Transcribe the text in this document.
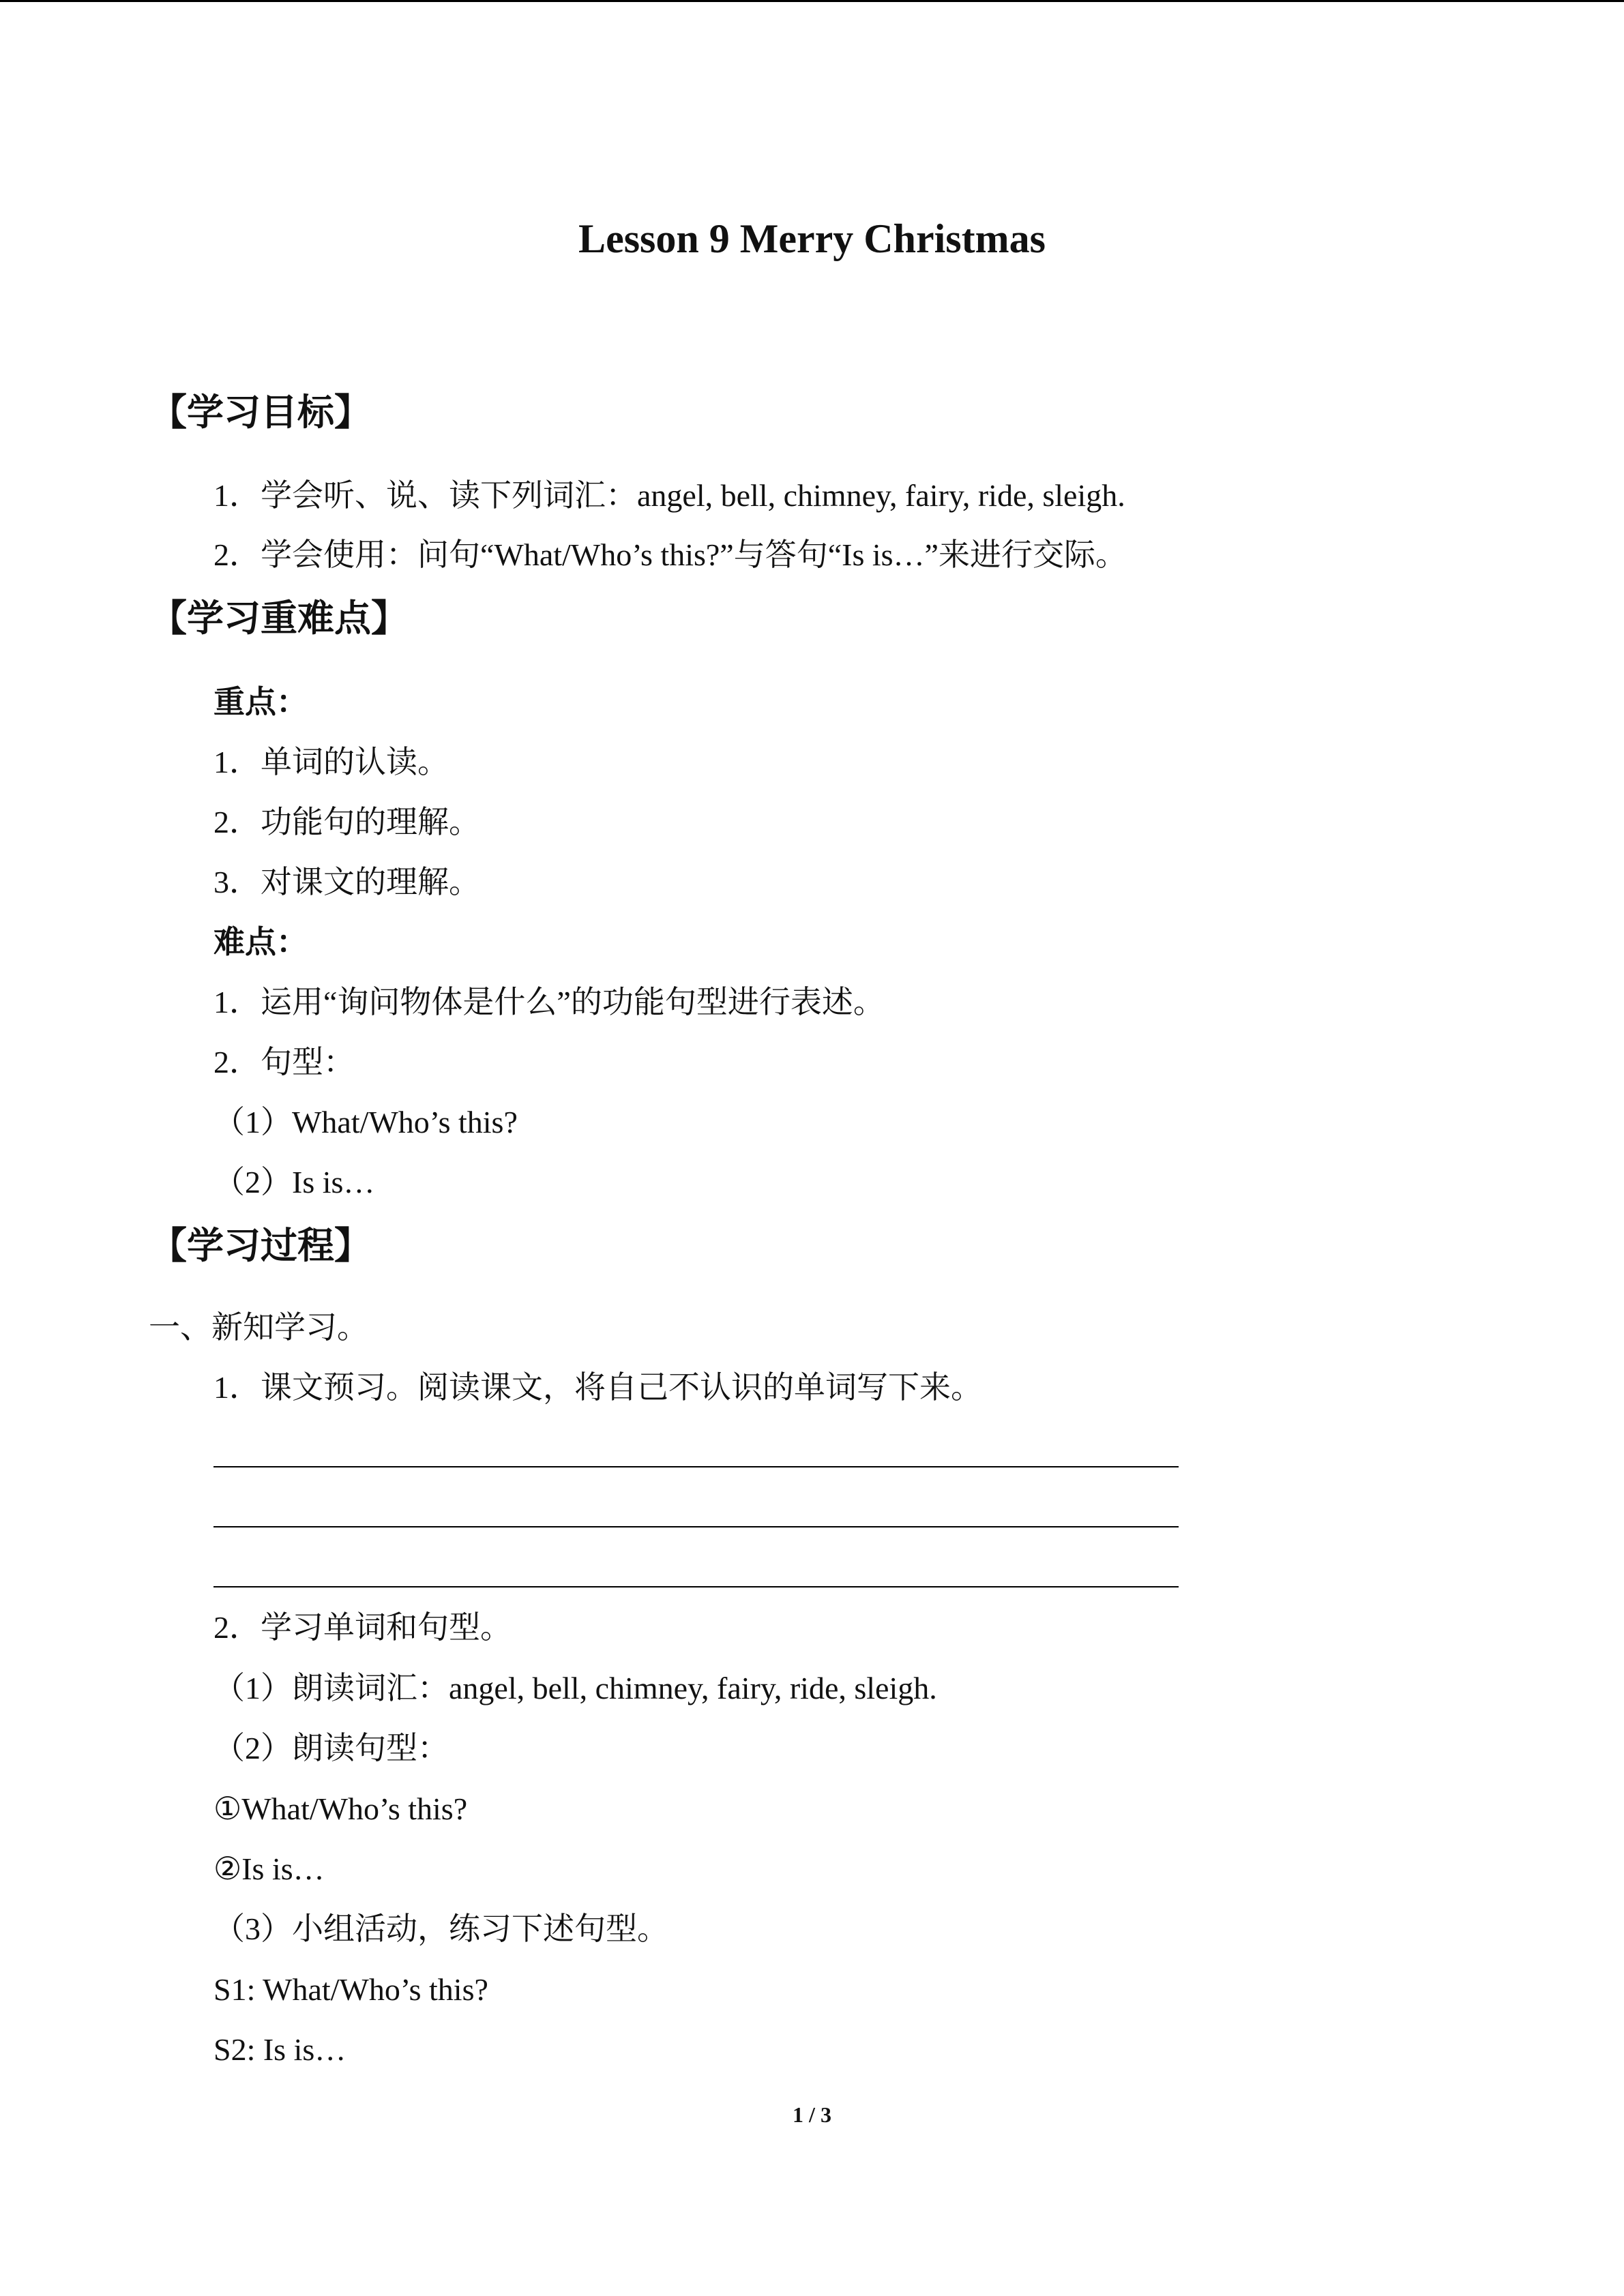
Lesson 9 Merry Christmas
【学习目标】
1．学会听、说、读下列词汇：angel, bell, chimney, fairy, ride, sleigh.
2．学会使用：问句“What/Who’s this?”与答句“Is is…”来进行交际。
【学习重难点】
重点：
1．单词的认读。
2．功能句的理解。
3．对课文的理解。
难点：
1．运用“询问物体是什么”的功能句型进行表述。
2．句型：
（1）What/Who’s this?
（2）Is is…
【学习过程】
一、新知学习。
1．课文预习。阅读课文，将自己不认识的单词写下来。
2．学习单词和句型。
（1）朗读词汇：angel, bell, chimney, fairy, ride, sleigh.
（2）朗读句型：
①What/Who’s this?
②Is is…
（3）小组活动，练习下述句型。
S1: What/Who’s this?
S2: Is is…
1 / 3
